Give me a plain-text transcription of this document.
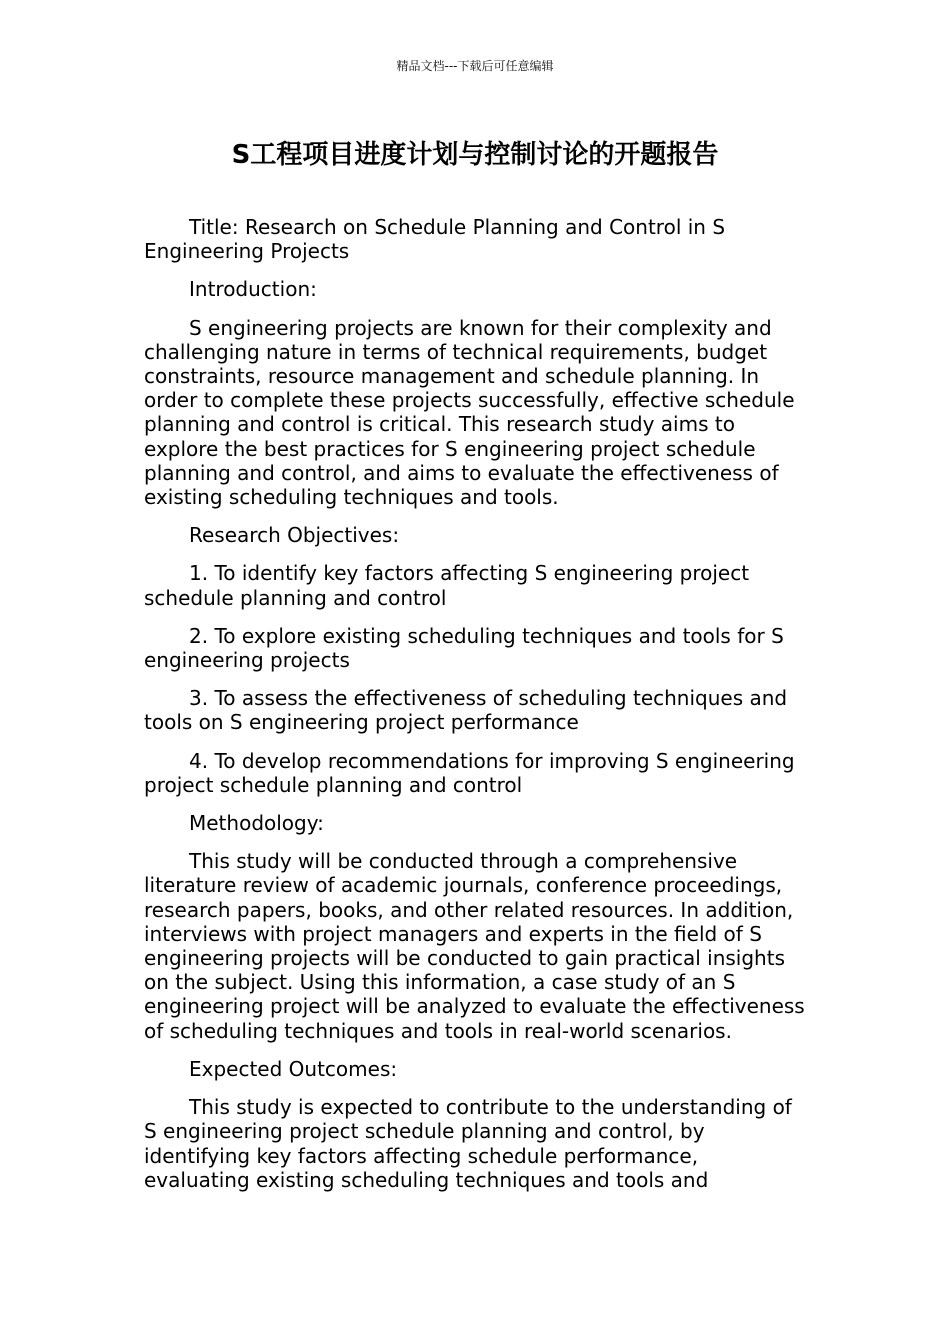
精品文档---下载后可任意编辑
S工程项目进度计划与控制讨论的开题报告

Title: Research on Schedule Planning and Control in S Engineering Projects

Introduction:

S engineering projects are known for their complexity and challenging nature in terms of technical requirements, budget constraints, resource management and schedule planning. In order to complete these projects successfully, effective schedule planning and control is critical. This research study aims to explore the best practices for S engineering project schedule planning and control, and aims to evaluate the effectiveness of existing scheduling techniques and tools.

Research Objectives:

1. To identify key factors affecting S engineering project schedule planning and control

2. To explore existing scheduling techniques and tools for S engineering projects

3. To assess the effectiveness of scheduling techniques and tools on S engineering project performance

4. To develop recommendations for improving S engineering project schedule planning and control

Methodology:

This study will be conducted through a comprehensive literature review of academic journals, conference proceedings, research papers, books, and other related resources. In addition, interviews with project managers and experts in the field of S engineering projects will be conducted to gain practical insights on the subject. Using this information, a case study of an S engineering project will be analyzed to evaluate the effectiveness of scheduling techniques and tools in real-world scenarios.

Expected Outcomes:

This study is expected to contribute to the understanding of S engineering project schedule planning and control, by identifying key factors affecting schedule performance, evaluating existing scheduling techniques and tools and
